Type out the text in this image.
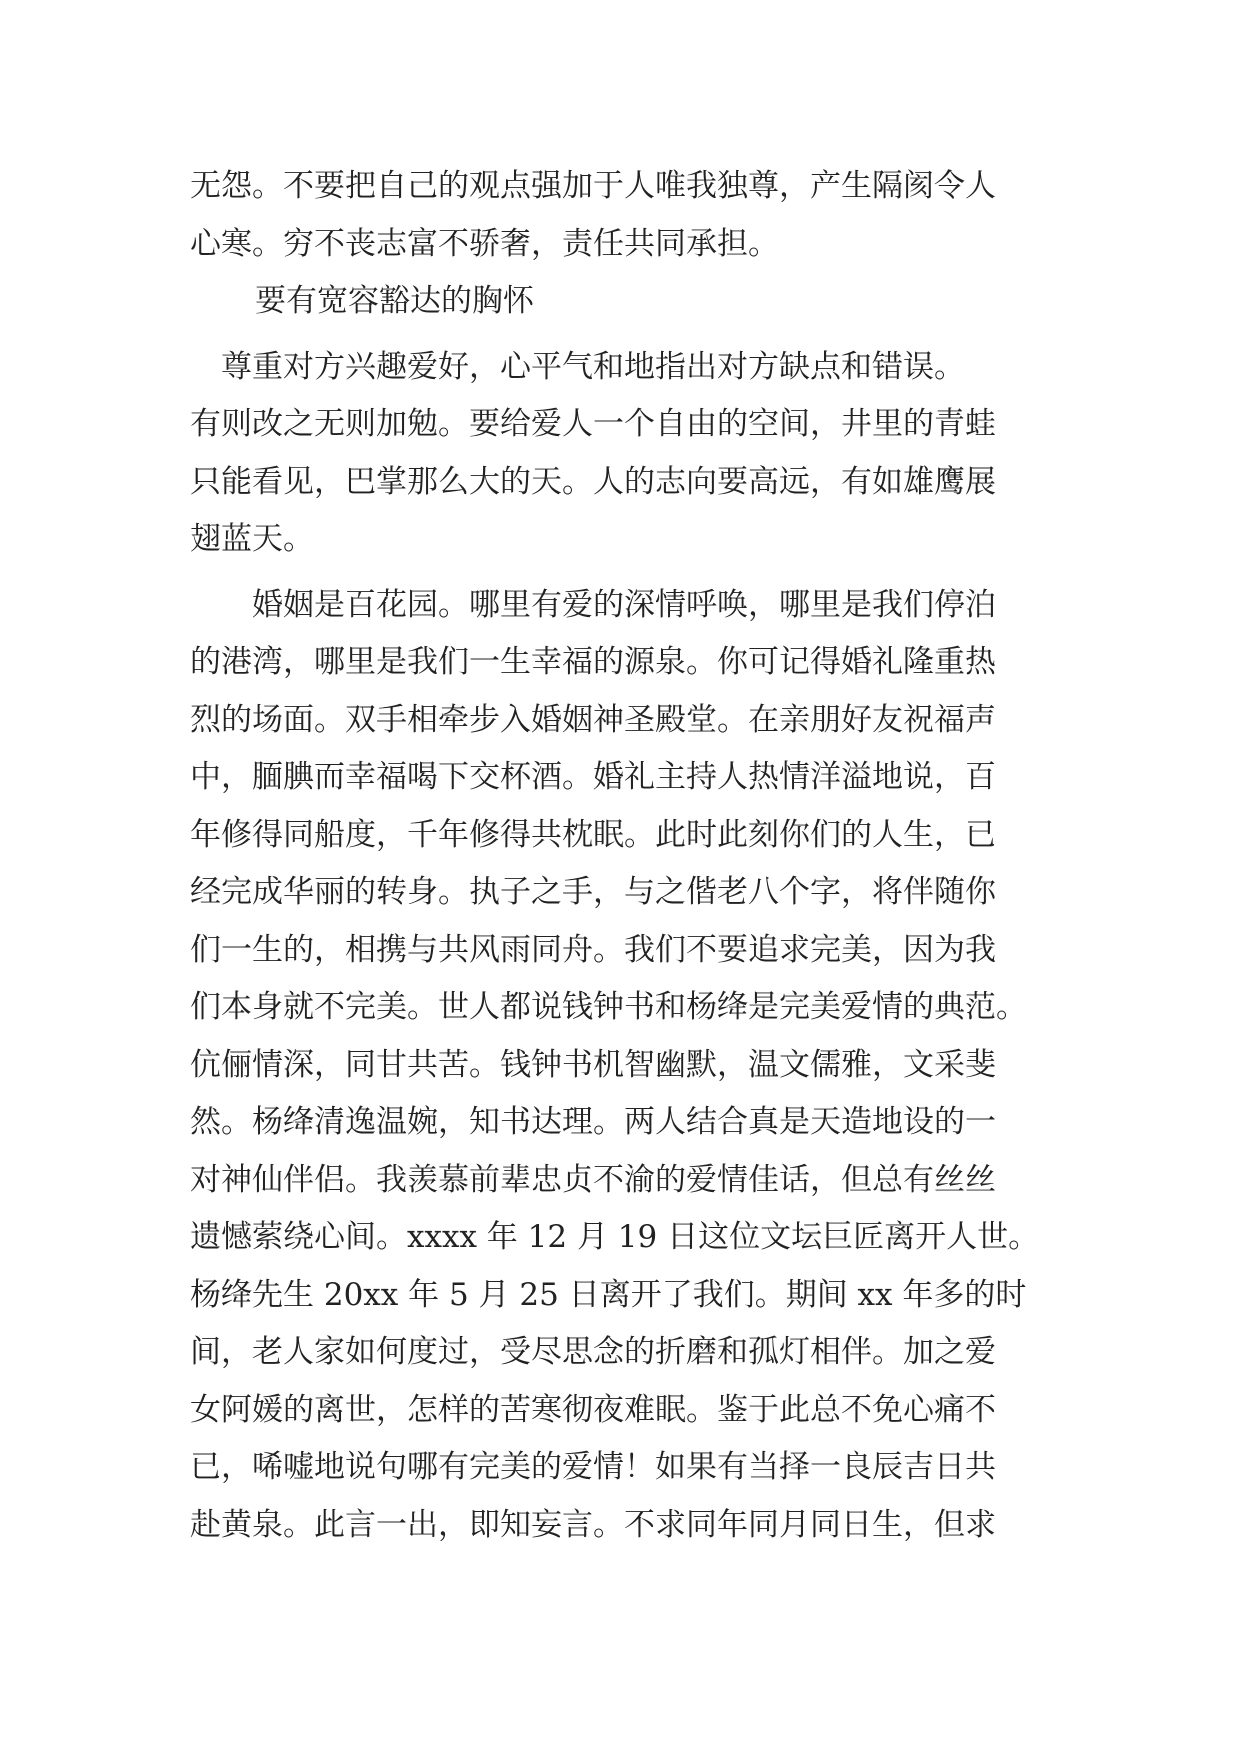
无怨。不要把自己的观点强加于人唯我独尊，产生隔阂令人
心寒。穷不丧志富不骄奢，责任共同承担。
要有宽容豁达的胸怀
　尊重对方兴趣爱好，心平气和地指出对方缺点和错误。
有则改之无则加勉。要给爱人一个自由的空间，井里的青蛙
只能看见，巴掌那么大的天。人的志向要高远，有如雄鹰展
翅蓝天。
　　婚姻是百花园。哪里有爱的深情呼唤，哪里是我们停泊
的港湾，哪里是我们一生幸福的源泉。你可记得婚礼隆重热
烈的场面。双手相牵步入婚姻神圣殿堂。在亲朋好友祝福声
中，腼腆而幸福喝下交杯酒。婚礼主持人热情洋溢地说，百
年修得同船度，千年修得共枕眠。此时此刻你们的人生，已
经完成华丽的转身。执子之手，与之偕老八个字，将伴随你
们一生的，相携与共风雨同舟。我们不要追求完美，因为我
们本身就不完美。世人都说钱钟书和杨绛是完美爱情的典范。
伉俪情深，同甘共苦。钱钟书机智幽默，温文儒雅，文采斐
然。杨绛清逸温婉，知书达理。两人结合真是天造地设的一
对神仙伴侣。我羡慕前辈忠贞不渝的爱情佳话，但总有丝丝
遗憾萦绕心间。xxxx 年 12 月 19 日这位文坛巨匠离开人世。
杨绛先生 20xx 年 5 月 25 日离开了我们。期间 xx 年多的时
间，老人家如何度过，受尽思念的折磨和孤灯相伴。加之爱
女阿媛的离世，怎样的苦寒彻夜难眠。鉴于此总不免心痛不
已，唏嘘地说句哪有完美的爱情！如果有当择一良辰吉日共
赴黄泉。此言一出，即知妄言。不求同年同月同日生，但求
